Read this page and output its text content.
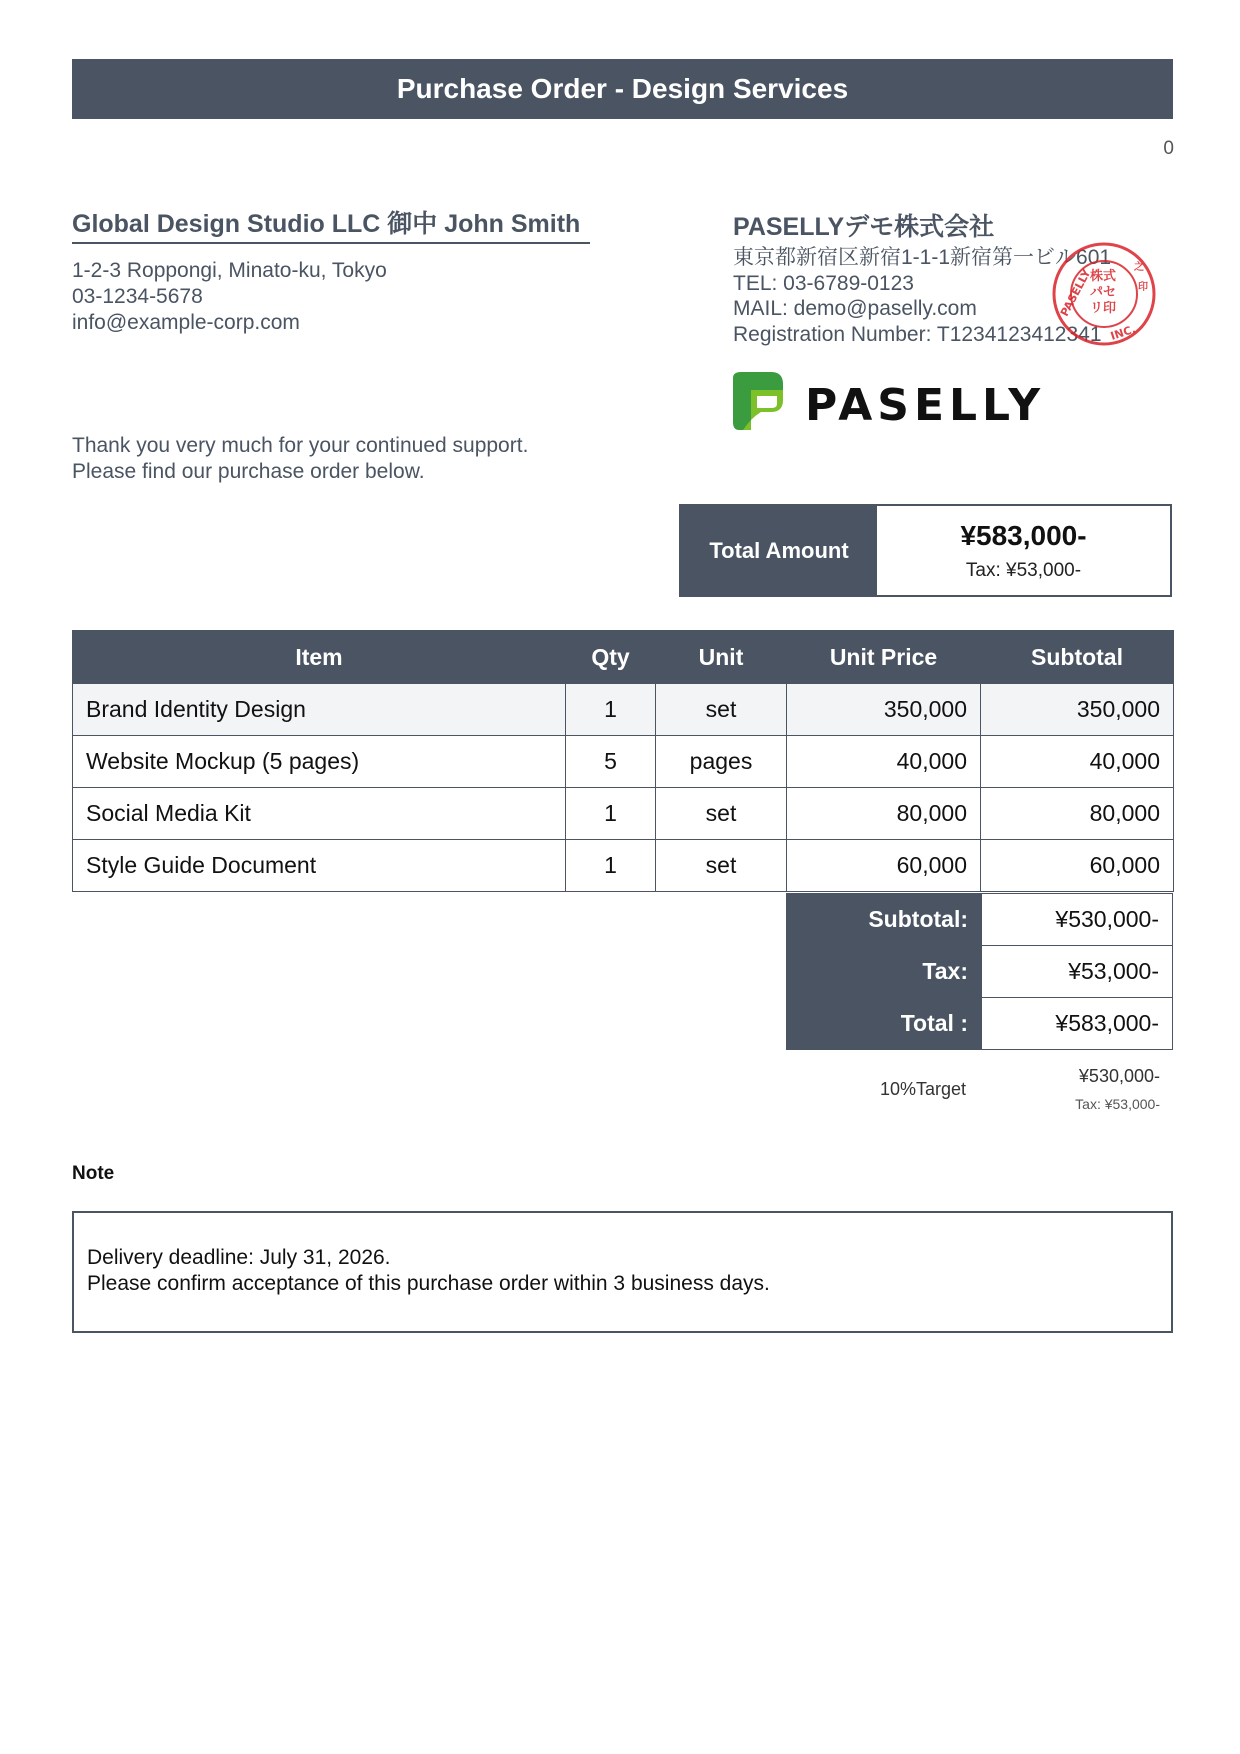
Purchase Order - Design Services
0
Global Design Studio LLC 御中 John Smith
1-2-3 Roppongi, Minato-ku, Tokyo
03-1234-5678
info@example-corp.com
Thank you very much for your continued support.
Please find our purchase order below.
PASELLYデモ株式会社
東京都新宿区新宿1-1-1新宿第一ビル601
TEL: 03-6789-0123
MAIL: demo@paselly.com
Registration Number: T1234123412341
PASELLY
INC.
株式
パセ
リ印
之
印
PASELLY
Total Amount	¥583,000-
Tax: ¥53,000-
Item	Qty	Unit	Unit Price	Subtotal
Brand Identity Design	1	set	350,000	350,000
Website Mockup (5 pages)	5	pages	40,000	40,000
Social Media Kit	1	set	80,000	80,000
Style Guide Document	1	set	60,000	60,000
Subtotal:	¥530,000-
Tax:	¥53,000-
Total :	¥583,000-
10%Target
¥530,000-
Tax: ¥53,000-
Note
Delivery deadline: July 31, 2026.
Please confirm acceptance of this purchase order within 3 business days.
